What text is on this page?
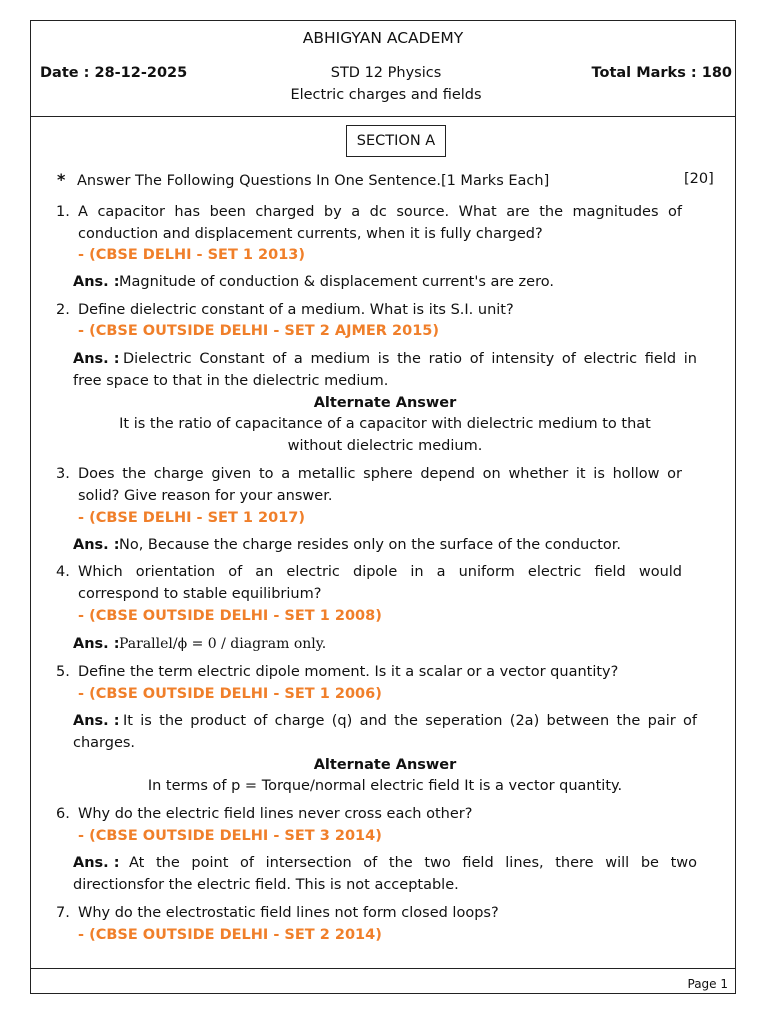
ABHIGYAN ACADEMY
Date : 28-12-2025	STD 12 Physics	Total Marks : 180
Electric charges and fields
SECTION A
* Answer The Following Questions In One Sentence.[1 Marks Each]	[20]
1. A capacitor has been charged by a dc source. What are the magnitudes of
conduction and displacement currents, when it is fully charged?
- (CBSE DELHI - SET 1 2013)
Ans. : Magnitude of conduction & displacement current's are zero.
2. Define dielectric constant of a medium. What is its S.I. unit?
- (CBSE OUTSIDE DELHI - SET 2 AJMER 2015)
Ans. : Dielectric Constant of a medium is the ratio of intensity of electric field in
free space to that in the dielectric medium.
Alternate Answer
It is the ratio of capacitance of a capacitor with dielectric medium to that
without dielectric medium.
3. Does the charge given to a metallic sphere depend on whether it is hollow or
solid? Give reason for your answer.
- (CBSE DELHI - SET 1 2017)
Ans. : No, Because the charge resides only on the surface of the conductor.
4. Which orientation of an electric dipole in a uniform electric field would
correspond to stable equilibrium?
- (CBSE OUTSIDE DELHI - SET 1 2008)
Ans. : Parallel/ϕ = 0 / diagram only.
5. Define the term electric dipole moment. Is it a scalar or a vector quantity?
- (CBSE OUTSIDE DELHI - SET 1 2006)
Ans. : It is the product of charge (q) and the seperation (2a) between the pair of
charges.
Alternate Answer
In terms of p = Torque/normal electric field It is a vector quantity.
6. Why do the electric field lines never cross each other?
- (CBSE OUTSIDE DELHI - SET 3 2014)
Ans. : At the point of intersection of the two field lines, there will be two
directionsfor the electric field. This is not acceptable.
7. Why do the electrostatic field lines not form closed loops?
- (CBSE OUTSIDE DELHI - SET 2 2014)
Page 1
